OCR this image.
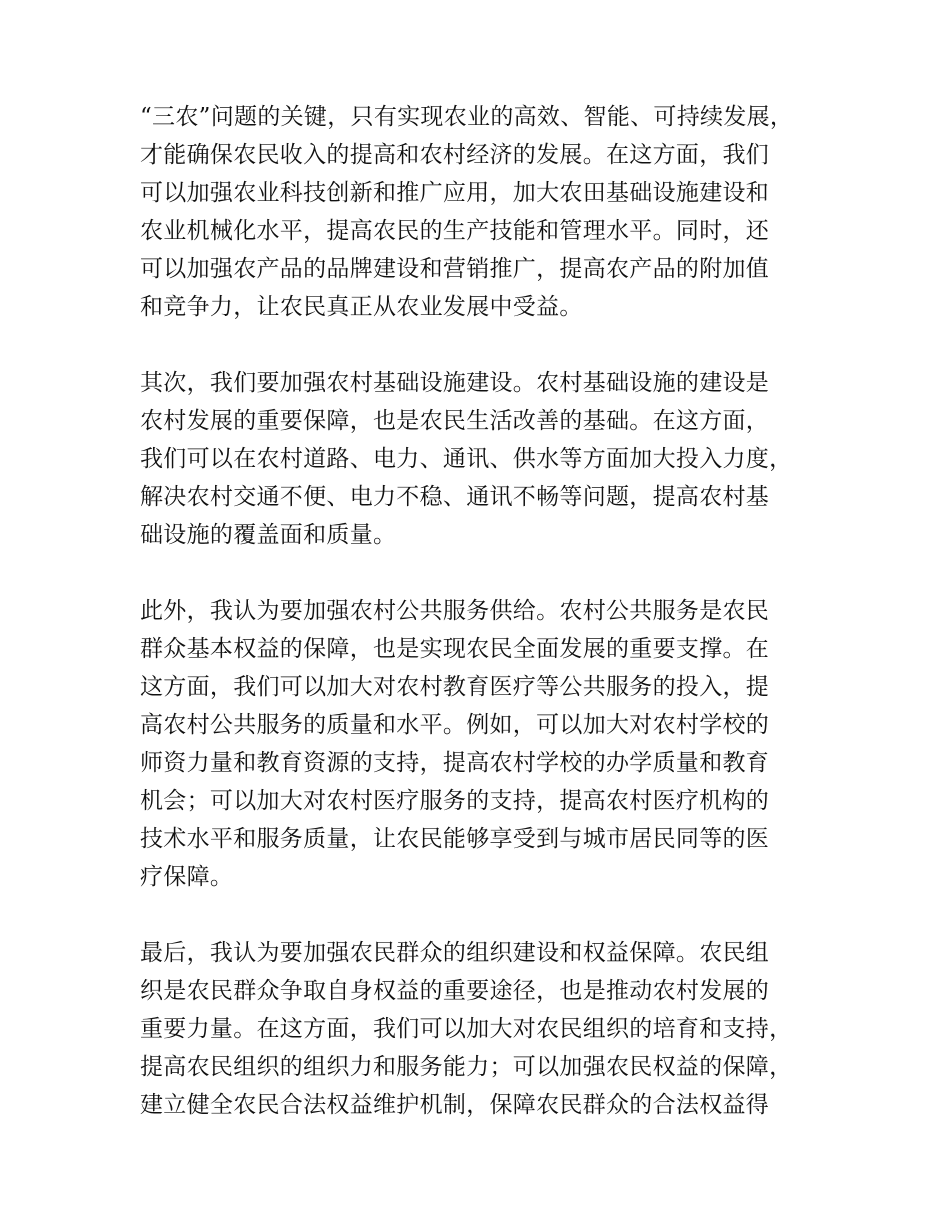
“三农”问题的关键，只有实现农业的高效、智能、可持续发展，
才能确保农民收入的提高和农村经济的发展。在这方面，我们
可以加强农业科技创新和推广应用，加大农田基础设施建设和
农业机械化水平，提高农民的生产技能和管理水平。同时，还
可以加强农产品的品牌建设和营销推广，提高农产品的附加值
和竞争力，让农民真正从农业发展中受益。
其次，我们要加强农村基础设施建设。农村基础设施的建设是
农村发展的重要保障，也是农民生活改善的基础。在这方面，
我们可以在农村道路、电力、通讯、供水等方面加大投入力度，
解决农村交通不便、电力不稳、通讯不畅等问题，提高农村基
础设施的覆盖面和质量。
此外，我认为要加强农村公共服务供给。农村公共服务是农民
群众基本权益的保障，也是实现农民全面发展的重要支撑。在
这方面，我们可以加大对农村教育医疗等公共服务的投入，提
高农村公共服务的质量和水平。例如，可以加大对农村学校的
师资力量和教育资源的支持，提高农村学校的办学质量和教育
机会；可以加大对农村医疗服务的支持，提高农村医疗机构的
技术水平和服务质量，让农民能够享受到与城市居民同等的医
疗保障。
最后，我认为要加强农民群众的组织建设和权益保障。农民组
织是农民群众争取自身权益的重要途径，也是推动农村发展的
重要力量。在这方面，我们可以加大对农民组织的培育和支持，
提高农民组织的组织力和服务能力；可以加强农民权益的保障，
建立健全农民合法权益维护机制，保障农民群众的合法权益得
